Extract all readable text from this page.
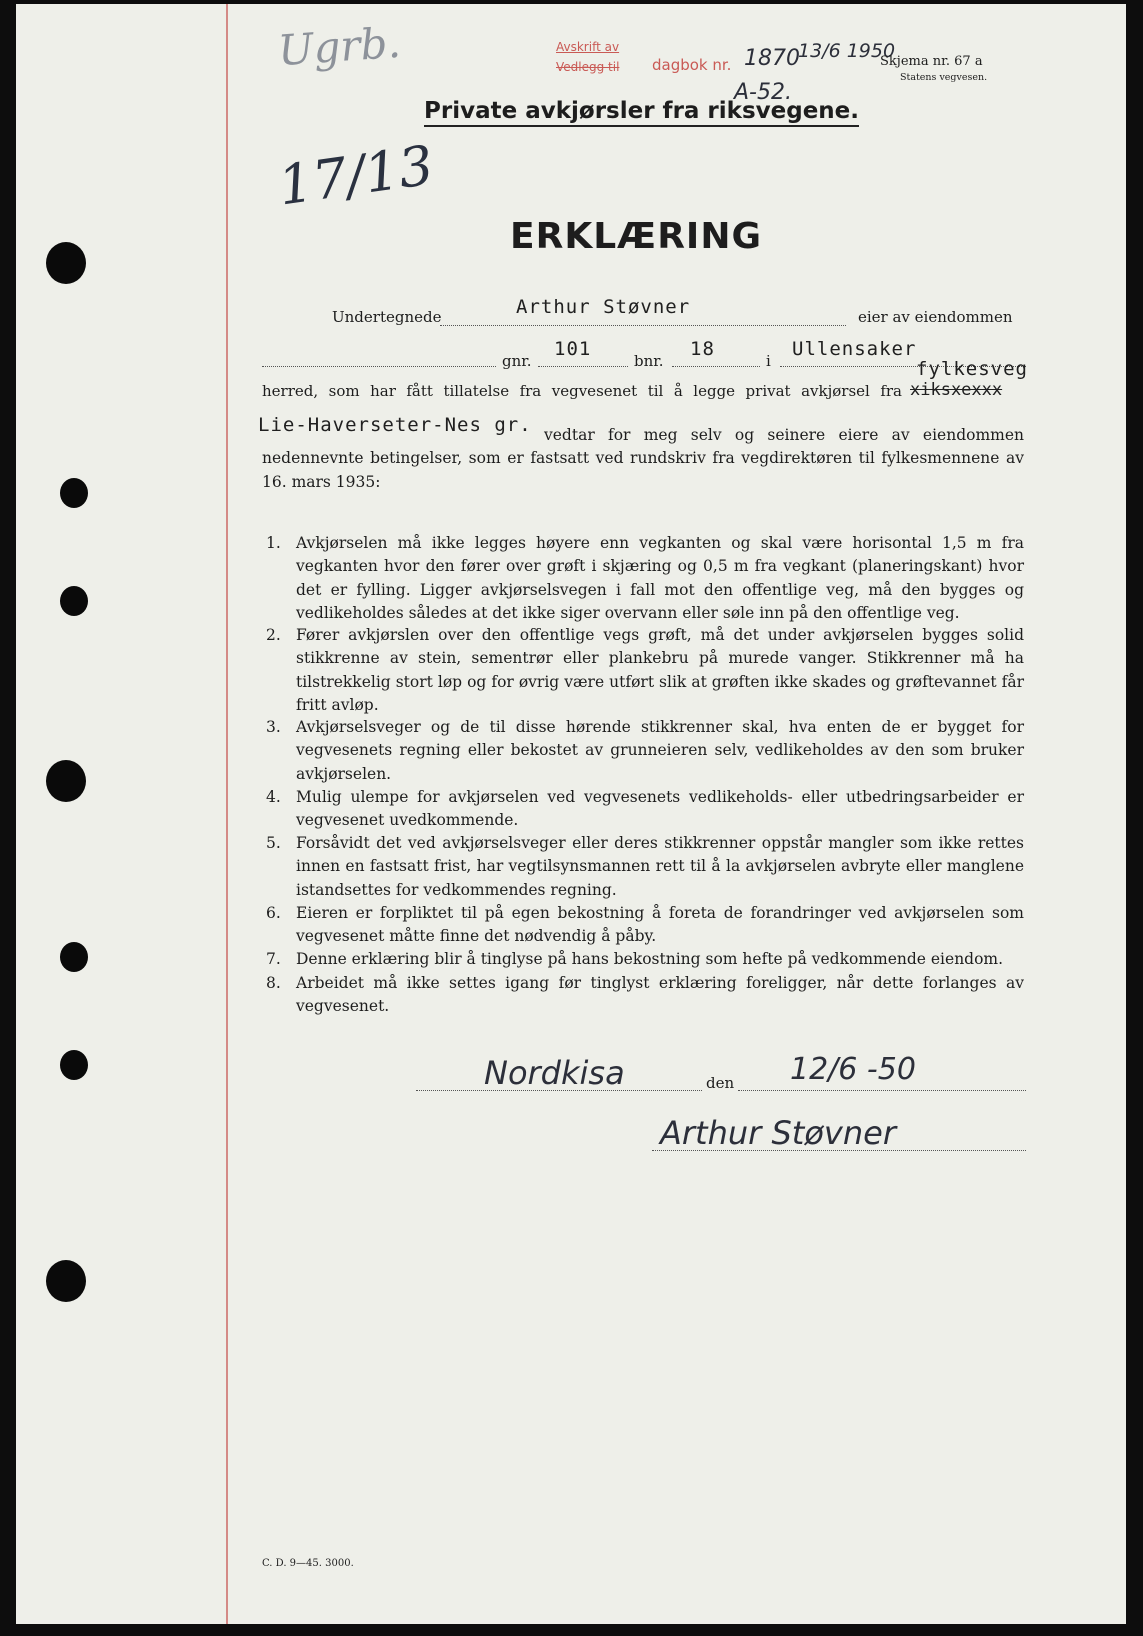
Ugrb.
17/13
Avskrift av
Vedlegg til dagbok nr. 1870
13/6 1950
A-52.
Skjema nr. 67 a
Statens vegvesen.
Private avkjørsler fra riksvegene.
ERKLÆRING
Undertegnede	Arthur Støvner	eier av eiendommen
gnr.
101
bnr.
18
i
Ullensaker
fylkesveg
herred, som har fått tillatelse fra vegvesenet til å legge privat avkjørsel fra xiksxexxx
Lie-Haverseter-Nes gr. vedtar for meg selv og seinere eiere av eiendommen nedennevnte betingelser, som er fastsatt ved rundskriv fra vegdirektøren til fylkesmennene av 16. mars 1935:
1. Avkjørselen må ikke legges høyere enn vegkanten og skal være horisontal 1,5 m fra vegkanten hvor den fører over grøft i skjæring og 0,5 m fra vegkant (planeringskant) hvor det er fylling. Ligger avkjørselsvegen i fall mot den offentlige veg, må den bygges og vedlikeholdes således at det ikke siger overvann eller søle inn på den offentlige veg.
2. Fører avkjørslen over den offentlige vegs grøft, må det under avkjørselen bygges solid stikkrenne av stein, sementrør eller plankebru på murede vanger. Stikkrenner må ha tilstrekkelig stort løp og for øvrig være utført slik at grøften ikke skades og grøftevannet får fritt avløp.
3. Avkjørselsveger og de til disse hørende stikkrenner skal, hva enten de er bygget for vegvesenets regning eller bekostet av grunneieren selv, vedlikeholdes av den som bruker avkjørselen.
4. Mulig ulempe for avkjørselen ved vegvesenets vedlikeholds- eller utbedringsarbeider er vegvesenet uvedkommende.
5. Forsåvidt det ved avkjørselsveger eller deres stikkrenner oppstår mangler som ikke rettes innen en fastsatt frist, har vegtilsynsmannen rett til å la avkjørselen avbryte eller manglene istandsettes for vedkommendes regning.
6. Eieren er forpliktet til på egen bekostning å foreta de forandringer ved avkjørselen som vegvesenet måtte finne det nødvendig å påby.
7. Denne erklæring blir å tinglyse på hans bekostning som hefte på vedkommende eiendom.
8. Arbeidet må ikke settes igang før tinglyst erklæring foreligger, når dette forlanges av vegvesenet.
Nordkisa	den 12/6 -50
Arthur Støvner
C. D. 9—45. 3000.
